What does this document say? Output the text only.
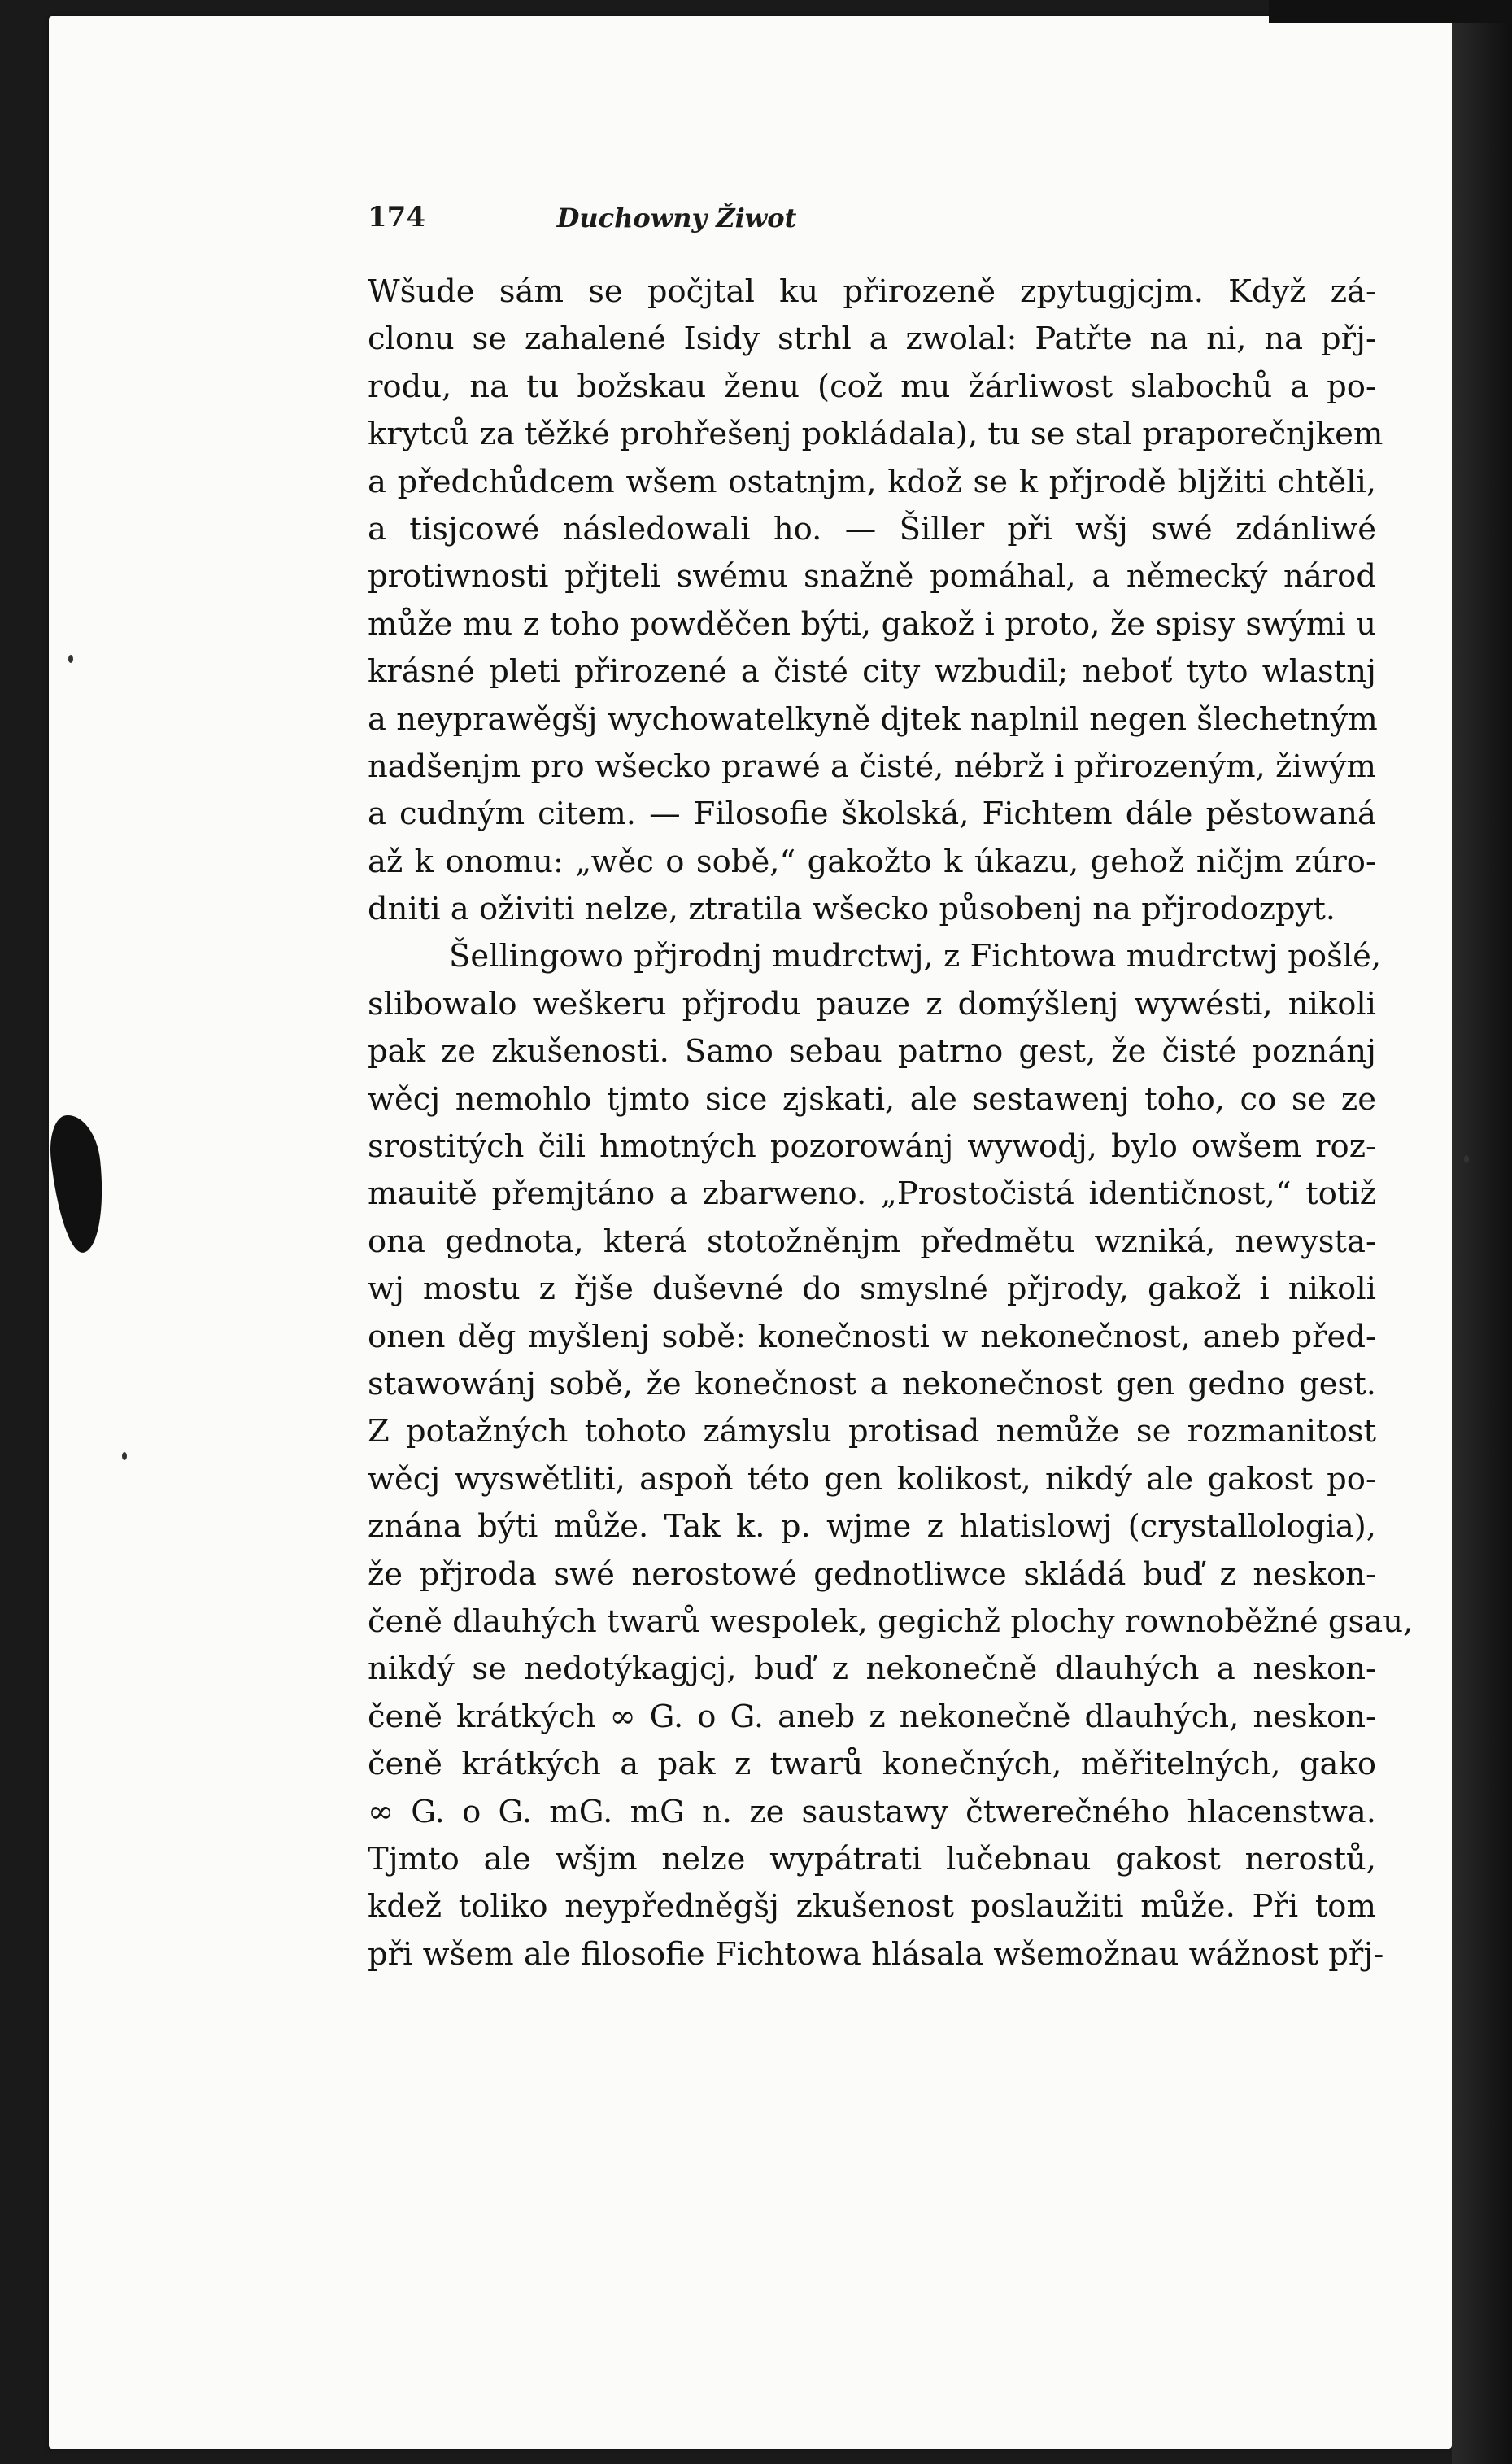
174	Duchowny Žiwot
Wšude sám se počjtal ku přirozeně zpytugjcjm. Když zá-
clonu se zahalené Isidy strhl a zwolal: Patřte na ni, na přj-
rodu, na tu božskau ženu (což mu žárliwost slabochů a po-
krytců za těžké prohřešenj pokládala), tu se stal praporečnjkem
a předchůdcem wšem ostatnjm, kdož se k přjrodě bljžiti chtěli,
a tisjcowé následowali ho. — Šiller při wšj swé zdánliwé
protiwnosti přjteli swému snažně pomáhal, a německý národ
může mu z toho powděčen býti, gakož i proto, že spisy swými u
krásné pleti přirozené a čisté city wzbudil; neboť tyto wlastnj
a neyprawěgšj wychowatelkyně djtek naplnil negen šlechetným
nadšenjm pro wšecko prawé a čisté, nébrž i přirozeným, žiwým
a cudným citem. — Filosofie školská, Fichtem dále pěstowaná
až k onomu: „wěc o sobě,“ gakožto k úkazu, gehož ničjm zúro-
dniti a oživiti nelze, ztratila wšecko působenj na přjrodozpyt.
Šellingowo přjrodnj mudrctwj, z Fichtowa mudrctwj pošlé,
slibowalo weškeru přjrodu pauze z domýšlenj wywésti, nikoli
pak ze zkušenosti. Samo sebau patrno gest, že čisté poznánj
wěcj nemohlo tjmto sice zjskati, ale sestawenj toho, co se ze
srostitých čili hmotných pozorowánj wywodj, bylo owšem roz-
mauitě přemjtáno a zbarweno. „Prostočistá identičnost,“ totiž
ona gednota, která stotožněnjm předmětu wzniká, newysta-
wj mostu z řjše duševné do smyslné přjrody, gakož i nikoli
onen děg myšlenj sobě: konečnosti w nekonečnost, aneb před-
stawowánj sobě, že konečnost a nekonečnost gen gedno gest.
Z potažných tohoto zámyslu protisad nemůže se rozmanitost
wěcj wyswětliti, aspoň této gen kolikost, nikdý ale gakost po-
znána býti může. Tak k. p. wjme z hlatislowj (crystallologia),
že přjroda swé nerostowé gednotliwce skládá buď z neskon-
čeně dlauhých twarů wespolek, gegichž plochy rownoběžné gsau,
nikdý se nedotýkagjcj, buď z nekonečně dlauhých a neskon-
čeně krátkých ∞ G. o G. aneb z nekonečně dlauhých, neskon-
čeně krátkých a pak z twarů konečných, měřitelných, gako
∞ G. o G. mG. mG n. ze saustawy čtwerečného hlacenstwa.
Tjmto ale wšjm nelze wypátrati lučebnau gakost nerostů,
kdež toliko neypředněgšj zkušenost poslaužiti může. Při tom
při wšem ale filosofie Fichtowa hlásala wšemožnau wážnost přj-
